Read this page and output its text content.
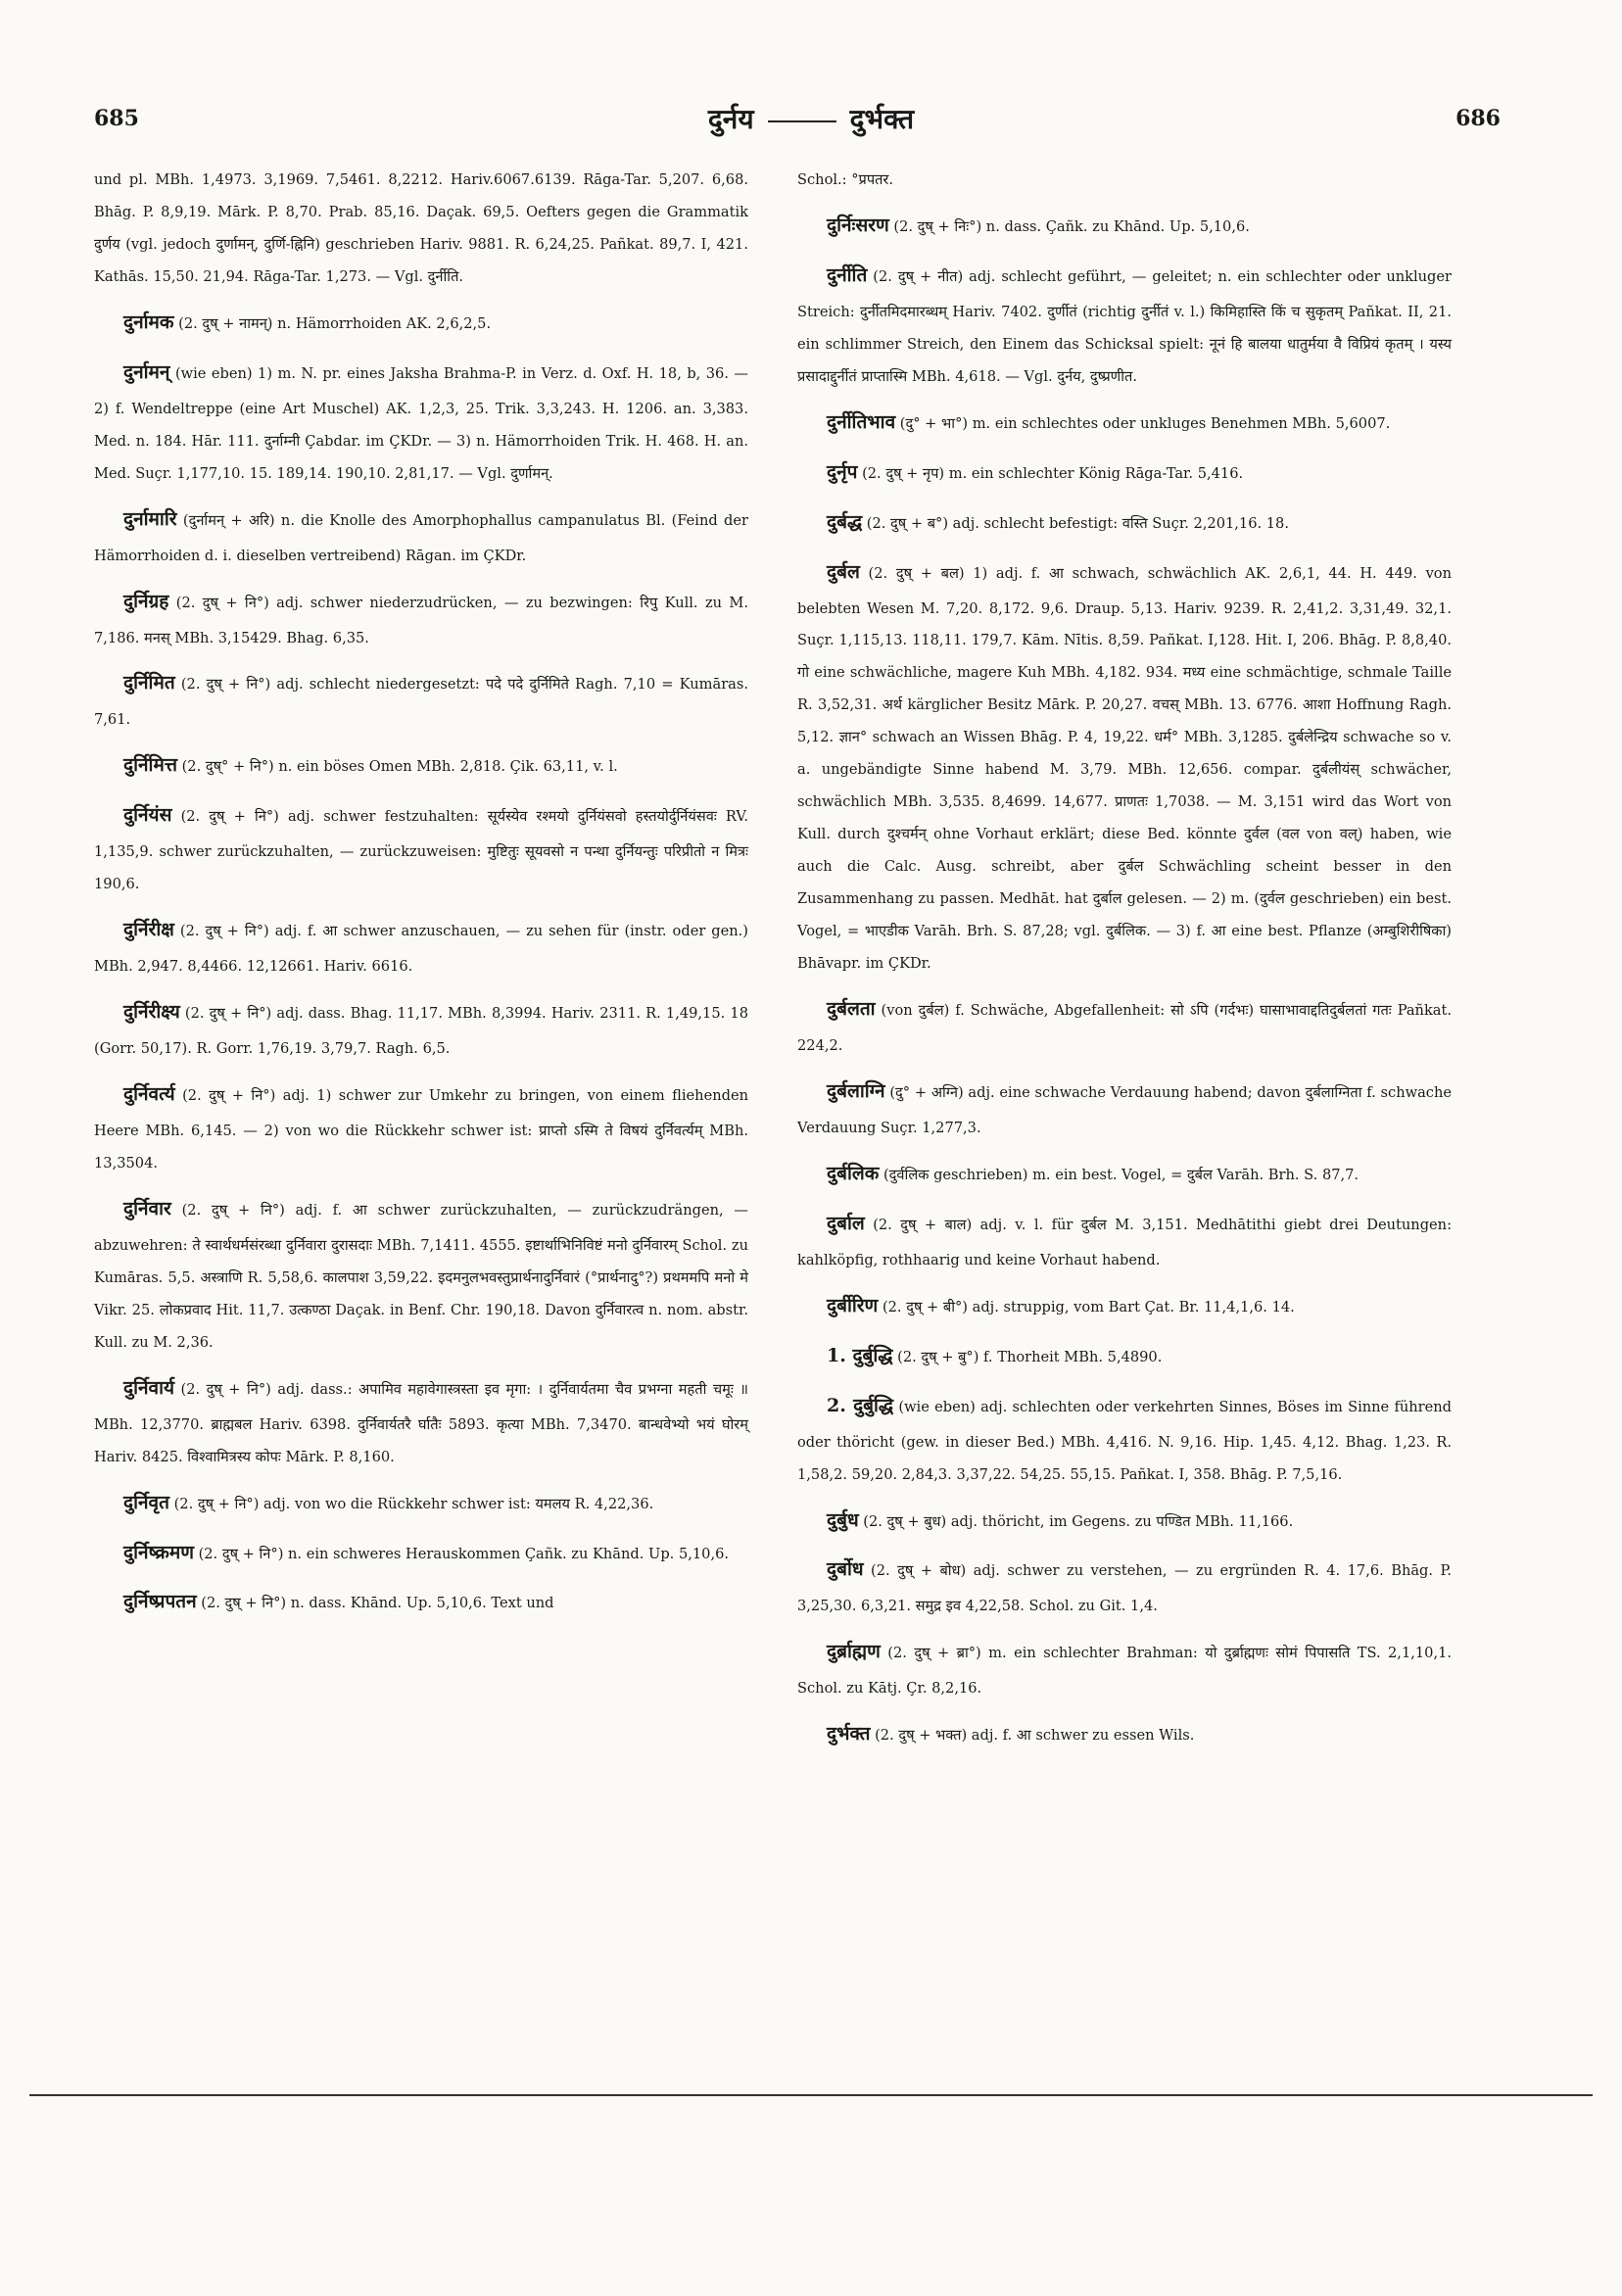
685	दुर्नय	दुर्भक्त	686

und pl. MBh. 1,4973. 3,1969. 7,5461. 8,2212. Hariv.6067.6139. Rāga-Tar. 5,207. 6,68. Bhāg. P. 8,9,19. Mārk. P. 8,70. Prab. 85,16. Daçak. 69,5. Oefters gegen die Grammatik दुर्णय (vgl. jedoch दुर्णामन्, दुर्णि-ह्निनि) geschrieben Hariv. 9881. R. 6,24,25. Pañkat. 89,7. I, 421. Kathās. 15,50. 21,94. Rāga-Tar. 1,273. — Vgl. दुर्नीति.

दुर्नामक (2. दुष् + नामन्) n. Hämorrhoiden AK. 2,6,2,5.

दुर्नामन् (wie eben) 1) m. N. pr. eines Jaksha Brahma-P. in Verz. d. Oxf. H. 18, b, 36. — 2) f. Wendeltreppe (eine Art Muschel) AK. 1,2,3, 25. Trik. 3,3,243. H. 1206. an. 3,383. Med. n. 184. Hār. 111. दुर्नाम्नी Çabdar. im ÇKDr. — 3) n. Hämorrhoiden Trik. H. 468. H. an. Med. Suçr. 1,177,10. 15. 189,14. 190,10. 2,81,17. — Vgl. दुर्णामन्.

दुर्नामारि (दुर्नामन् + अरि) n. die Knolle des Amorphophallus campanulatus Bl. (Feind der Hämorrhoiden d. i. dieselben vertreibend) Rāgan. im ÇKDr.

दुर्निग्रह (2. दुष् + नि°) adj. schwer niederzudrücken, — zu bezwingen: रिपु Kull. zu M. 7,186. मनस् MBh. 3,15429. Bhag. 6,35.

दुर्निमित (2. दुष् + नि°) adj. schlecht niedergesetzt: पदे पदे दुर्निमिते Ragh. 7,10 = Kumāras. 7,61.

दुर्निमित्त (2. दुष्° + नि°) n. ein böses Omen MBh. 2,818. Çik. 63,11, v. l.

दुर्नियंस (2. दुष् + नि°) adj. schwer festzuhalten: सूर्यस्येव रश्मयो दुर्नियंसवो हस्तयोर्दुर्नियंसवः RV. 1,135,9. schwer zurückzuhalten, — zurückzuweisen: मुष्टितुः सूयवसो न पन्था दुर्नियन्तुः परिप्रीतो न मित्रः 190,6.

दुर्निरीक्ष (2. दुष् + नि°) adj. f. आ schwer anzuschauen, — zu sehen für (instr. oder gen.) MBh. 2,947. 8,4466. 12,12661. Hariv. 6616.

दुर्निरीक्ष्य (2. दुष् + नि°) adj. dass. Bhag. 11,17. MBh. 8,3994. Hariv. 2311. R. 1,49,15. 18 (Gorr. 50,17). R. Gorr. 1,76,19. 3,79,7. Ragh. 6,5.

दुर्निवर्त्य (2. दुष् + नि°) adj. 1) schwer zur Umkehr zu bringen, von einem fliehenden Heere MBh. 6,145. — 2) von wo die Rückkehr schwer ist: प्राप्तो ऽस्मि ते विषयं दुर्निवर्त्यम् MBh. 13,3504.

दुर्निवार (2. दुष् + नि°) adj. f. आ schwer zurückzuhalten, — zurückzudrängen, — abzuwehren: ते स्वार्थधर्मसंरब्धा दुर्निवारा दुरासदाः MBh. 7,1411. 4555. इष्टार्थाभिनिविष्टं मनो दुर्निवारम् Schol. zu Kumāras. 5,5. अस्त्राणि R. 5,58,6. कालपाश 3,59,22. इदमनुलभवस्तुप्रार्थनादुर्निवारं (°प्रार्थनादु°?) प्रथममपि मनो मे Vikr. 25. लोकप्रवाद Hit. 11,7. उत्कण्ठा Daçak. in Benf. Chr. 190,18. Davon दुर्निवारत्व n. nom. abstr. Kull. zu M. 2,36.

दुर्निवार्य (2. दुष् + नि°) adj. dass.: अपामिव महावेगास्त्रस्ता इव मृगा: । दुर्निवार्यतमा चैव प्रभग्ना महती चमूः ॥ MBh. 12,3770. ब्राह्मबल Hariv. 6398. दुर्निवार्यतरै र्घातैः 5893. कृत्या MBh. 7,3470. बान्धवेभ्यो भयं घोरम् Hariv. 8425. विश्वामित्रस्य कोपः Mārk. P. 8,160.

दुर्निवृत (2. दुष् + नि°) adj. von wo die Rückkehr schwer ist: यमलय R. 4,22,36.

दुर्निष्क्रमण (2. दुष् + नि°) n. ein schweres Herauskommen Çañk. zu Khānd. Up. 5,10,6.

दुर्निष्प्रपतन (2. दुष् + नि°) n. dass. Khānd. Up. 5,10,6. Text und

Schol.: °प्रपतर.

दुर्निःसरण (2. दुष् + निः°) n. dass. Çañk. zu Khānd. Up. 5,10,6.

दुर्नीति (2. दुष् + नीत) adj. schlecht geführt, — geleitet; n. ein schlechter oder unkluger Streich: दुर्नीतमिदमारब्धम् Hariv. 7402. दुर्णीतं (richtig दुर्नीतं v. l.) किमिहास्ति किं च सुकृतम् Pañkat. II, 21. ein schlimmer Streich, den Einem das Schicksal spielt: नूनं हि बालया धातुर्मया वै विप्रियं कृतम् । यस्य प्रसादाद्दुर्नीतं प्राप्तास्मि MBh. 4,618. — Vgl. दुर्नय, दुष्प्रणीत.

दुर्नीतिभाव (दु° + भा°) m. ein schlechtes oder unkluges Benehmen MBh. 5,6007.

दुर्नृप (2. दुष् + नृप) m. ein schlechter König Rāga-Tar. 5,416.

दुर्बद्ध (2. दुष् + ब°) adj. schlecht befestigt: वस्ति Suçr. 2,201,16. 18.

दुर्बल (2. दुष् + बल) 1) adj. f. आ schwach, schwächlich AK. 2,6,1, 44. H. 449. von belebten Wesen M. 7,20. 8,172. 9,6. Draup. 5,13. Hariv. 9239. R. 2,41,2. 3,31,49. 32,1. Suçr. 1,115,13. 118,11. 179,7. Kām. Nītis. 8,59. Pañkat. I,128. Hit. I, 206. Bhāg. P. 8,8,40. गो eine schwächliche, magere Kuh MBh. 4,182. 934. मध्य eine schmächtige, schmale Taille R. 3,52,31. अर्थ kärglicher Besitz Mārk. P. 20,27. वचस् MBh. 13. 6776. आशा Hoffnung Ragh. 5,12. ज्ञान° schwach an Wissen Bhāg. P. 4, 19,22. धर्म° MBh. 3,1285. दुर्बलेन्द्रिय schwache so v. a. ungebändigte Sinne habend M. 3,79. MBh. 12,656. compar. दुर्बलीयंस् schwächer, schwächlich MBh. 3,535. 8,4699. 14,677. प्राणतः 1,7038. — M. 3,151 wird das Wort von Kull. durch दुश्चर्मन् ohne Vorhaut erklärt; diese Bed. könnte दुर्वल (वल von वल्) haben, wie auch die Calc. Ausg. schreibt, aber दुर्बल Schwächling scheint besser in den Zusammenhang zu passen. Medhāt. hat दुर्बाल gelesen. — 2) m. (दुर्वल geschrieben) ein best. Vogel, = भाएडीक Varāh. Brh. S. 87,28; vgl. दुर्बलिक. — 3) f. आ eine best. Pflanze (अम्बुशिरीषिका) Bhāvapr. im ÇKDr.

दुर्बलता (von दुर्बल) f. Schwäche, Abgefallenheit: सो ऽपि (गर्दभः) घासाभावाद्दतिदुर्बलतां गतः Pañkat. 224,2.

दुर्बलाग्नि (दु° + अग्नि) adj. eine schwache Verdauung habend; davon दुर्बलाग्निता f. schwache Verdauung Suçr. 1,277,3.

दुर्बलिक (दुर्वलिक geschrieben) m. ein best. Vogel, = दुर्बल Varāh. Brh. S. 87,7.

दुर्बाल (2. दुष् + बाल) adj. v. l. für दुर्बल M. 3,151. Medhātithi giebt drei Deutungen: kahlköpfig, rothhaarig und keine Vorhaut habend.

दुर्बीरिण (2. दुष् + बी°) adj. struppig, vom Bart Çat. Br. 11,4,1,6. 14.

1. दुर्बुद्धि (2. दुष् + बु°) f. Thorheit MBh. 5,4890.

2. दुर्बुद्धि (wie eben) adj. schlechten oder verkehrten Sinnes, Böses im Sinne führend oder thöricht (gew. in dieser Bed.) MBh. 4,416. N. 9,16. Hip. 1,45. 4,12. Bhag. 1,23. R. 1,58,2. 59,20. 2,84,3. 3,37,22. 54,25. 55,15. Pañkat. I, 358. Bhāg. P. 7,5,16.

दुर्बुध (2. दुष् + बुध) adj. thöricht, im Gegens. zu पण्डित MBh. 11,166.

दुर्बोध (2. दुष् + बोध) adj. schwer zu verstehen, — zu ergründen R. 4. 17,6. Bhāg. P. 3,25,30. 6,3,21. समुद्र इव 4,22,58. Schol. zu Git. 1,4.

दुर्ब्राह्मण (2. दुष् + ब्रा°) m. ein schlechter Brahman: यो दुर्ब्राह्मणः सोमं पिपासति TS. 2,1,10,1. Schol. zu Kātj. Çr. 8,2,16.

दुर्भक्त (2. दुष् + भक्त) adj. f. आ schwer zu essen Wils.
